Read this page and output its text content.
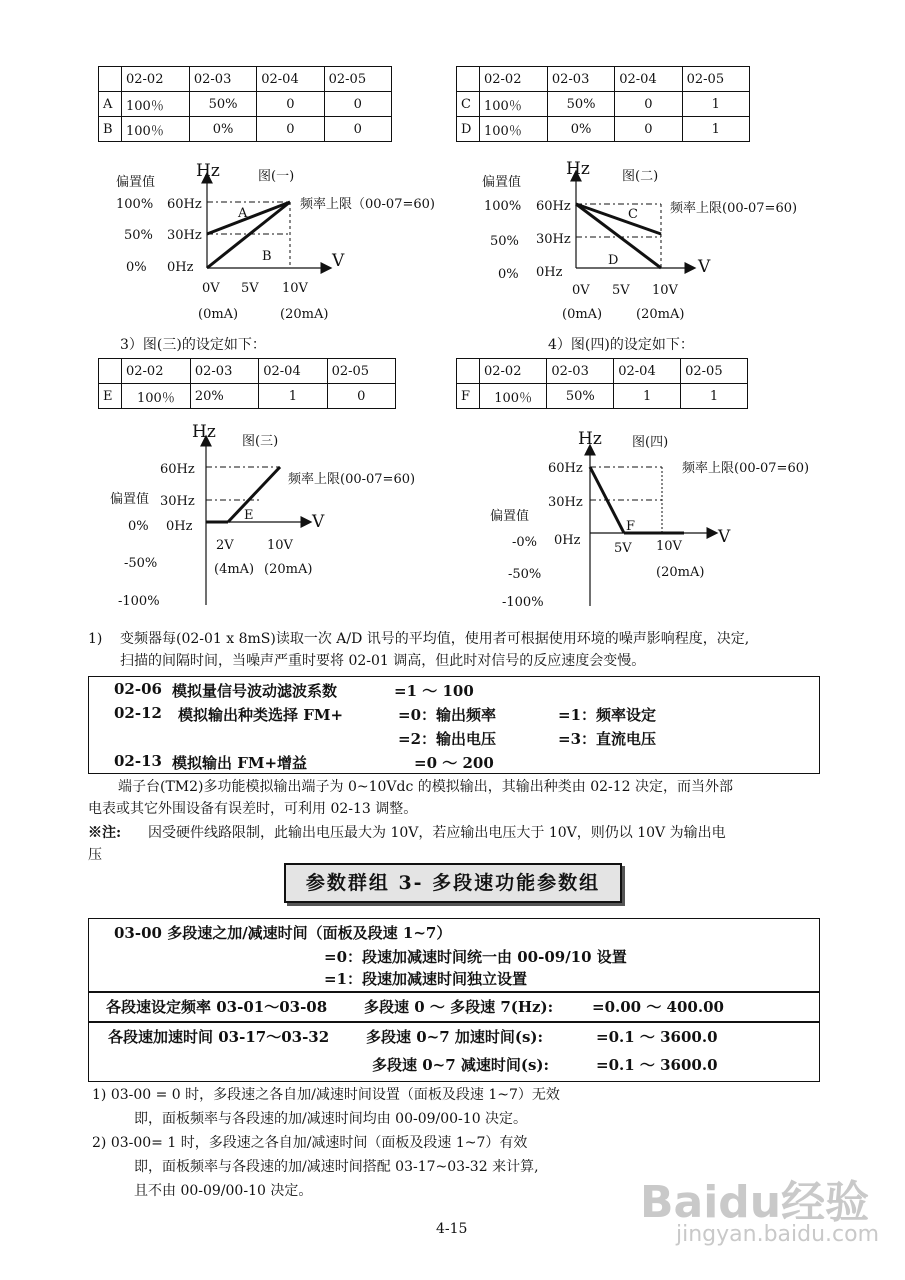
	02-02	02-03	02-04	02-05
A	100％	50%	0	0
B	100％	0%	0	0
	02-02	02-03	02-04	02-05
C	100％	50%	0	1
D	100％	0%	0	1
Hz	图(一)
偏置值
100%
50%
0%
60Hz
30Hz
0Hz
频率上限（00-07=60)
A
B	V
0V 5V 10V
(0mA)	(20mA)
Hz 图(二)
偏置值
100%
50%
0%
60Hz
30Hz
0Hz
频率上限(00-07=60)
C
D	V
0V 5V 10V
(0mA)	(20mA)
3）图(三)的设定如下：	4）图(四)的设定如下：
	02-02	02-03	02-04	02-05
E	100％	20%	1	0
	02-02	02-03	02-04	02-05
F	100％	50%	1	1
Hz 图(三)
60Hz
频率上限(00-07=60)
偏置值 30Hz
0% 0Hz
E	V
2V	10V
-50%	(4mA) (20mA)
-100%
Hz 图(四)
60Hz	频率上限(00-07=60)
30Hz
偏置值
-0% 0Hz
F
5V 10V V
-50%	(20mA)
-100%
1) 变频器每(02-01 x 8mS)读取一次 A/D 讯号的平均值，使用者可根据使用环境的噪声影响程度，决定,
扫描的间隔时间，当噪声严重时要将 02-01 调高，但此时对信号的反应速度会变慢。
02-06 模拟量信号波动滤波系数	=1 ～ 100
02-12 模拟输出种类选择 FM+	=0：输出频率	=1：频率设定
=2：输出电压	=3：直流电压
02-13 模拟输出 FM+增益	=0 ～ 200
端子台(TM2)多功能模拟输出端子为 0~10Vdc 的模拟输出，其输出种类由 02-12 决定，而当外部
电表或其它外围设备有误差时，可利用 02-13 调整。
※注: 因受硬件线路限制，此输出电压最大为 10V，若应输出电压大于 10V，则仍以 10V 为输出电
压
参数群组 3- 多段速功能参数组
03-00 多段速之加/减速时间（面板及段速 1~7）
=0：段速加减速时间统一由 00-09/10 设置
=1：段速加减速时间独立设置
各段速设定频率 03-01～03-08 多段速 0 ～ 多段速 7(Hz):	=0.00 ～ 400.00
各段速加速时间 03-17～03-32 多段速 0~7 加速时间(s):	=0.1 ～ 3600.0
多段速 0~7 减速时间(s):	=0.1 ～ 3600.0
1) 03-00 = 0 时，多段速之各自加/减速时间设置（面板及段速 1~7）无效
即，面板频率与各段速的加/减速时间均由 00-09/00-10 决定。
2) 03-00= 1 时，多段速之各自加/减速时间（面板及段速 1~7）有效
即，面板频率与各段速的加/减速时间搭配 03-17~03-32 来计算,
且不由 00-09/00-10 决定。
4-15
Baidu经验
jingyan.baidu.com
